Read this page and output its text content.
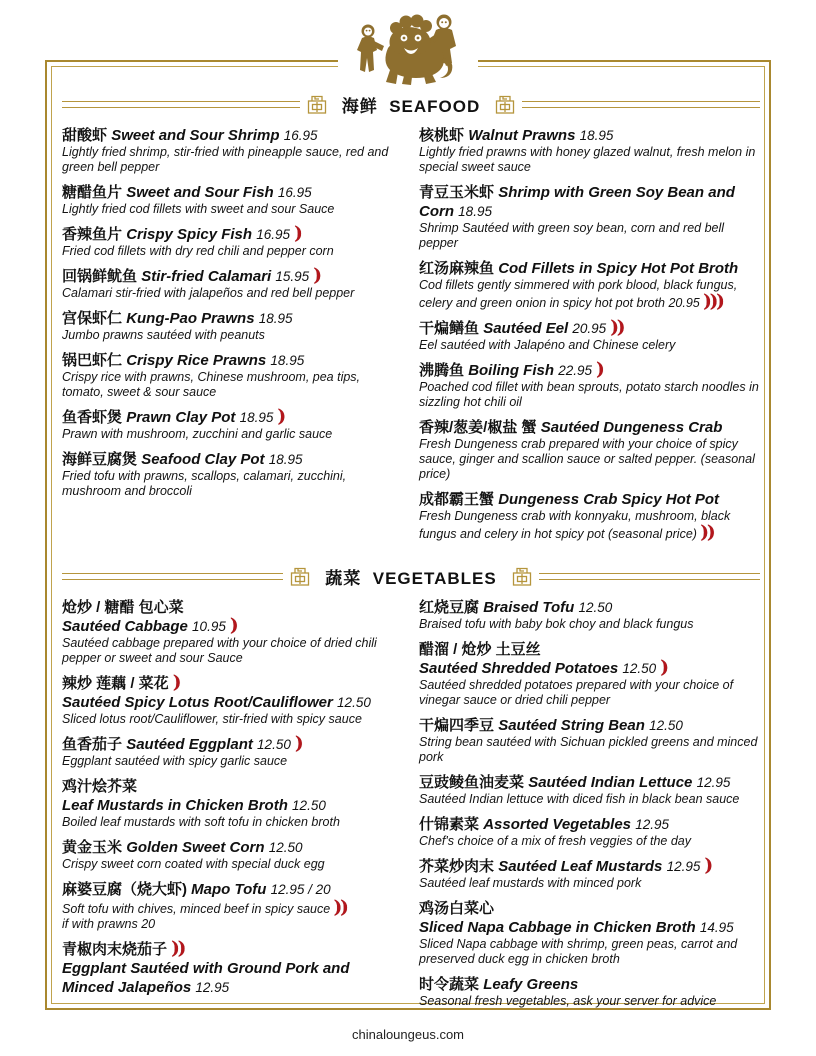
海鲜  SEAFOOD
甜酸虾 Sweet and Sour Shrimp 16.95
Lightly fried shrimp, stir-fried with pineapple sauce, red and green bell pepper
糖醋鱼片 Sweet and Sour Fish 16.95
Lightly fried cod fillets with sweet and sour Sauce
香辣鱼片 Crispy Spicy Fish 16.95 )
Fried cod fillets with dry red chili and pepper corn
回锅鲜鱿鱼 Stir-fried Calamari 15.95 )
Calamari stir-fried with jalapeños and red bell pepper
宫保虾仁 Kung-Pao Prawns 18.95
Jumbo prawns sautéed with peanuts
锅巴虾仁 Crispy Rice Prawns 18.95
Crispy rice with prawns, Chinese mushroom, pea tips, tomato, sweet & sour sauce
鱼香虾煲 Prawn Clay Pot 18.95 )
Prawn with mushroom, zucchini and garlic sauce
海鲜豆腐煲 Seafood Clay Pot 18.95
Fried tofu with prawns, scallops, calamari, zucchini, mushroom and broccoli
核桃虾 Walnut Prawns 18.95
Lightly fried prawns with honey glazed walnut, fresh melon in special sweet sauce
青豆玉米虾 Shrimp with Green Soy Bean and Corn 18.95
Shrimp Sautéed with green soy bean, corn and red bell pepper
红汤麻辣鱼 Cod Fillets in Spicy Hot Pot Broth
Cod fillets gently simmered with pork blood, black fungus, celery and green onion in spicy hot pot broth 20.95 )))
干煸鳝鱼 Sautéed Eel 20.95 ))
Eel sautéed with Jalapéno and Chinese celery
沸腾鱼 Boiling Fish 22.95 )
Poached cod fillet with bean sprouts, potato starch noodles in sizzling hot chili oil
香辣/葱姜/椒盐 蟹 Sautéed Dungeness Crab
Fresh Dungeness crab prepared with your choice of spicy sauce, ginger and scallion sauce or salted pepper. (seasonal price)
成都霸王蟹 Dungeness Crab Spicy Hot Pot
Fresh Dungeness crab with konnyaku, mushroom, black fungus and celery in hot spicy pot (seasonal price) ))
蔬菜  VEGETABLES
炝炒 / 糖醋 包心菜
Sautéed Cabbage 10.95 )
Sautéed cabbage prepared with your choice of dried chili pepper or sweet and sour Sauce
辣炒 莲藕 / 菜花 )
Sautéed Spicy Lotus Root/Cauliflower 12.50
Sliced lotus root/Cauliflower, stir-fried with spicy sauce
鱼香茄子 Sautéed Eggplant 12.50 )
Eggplant sautéed with spicy garlic sauce
鸡汁烩芥菜
Leaf Mustards in Chicken Broth 12.50
Boiled leaf mustards with soft tofu in chicken broth
黄金玉米 Golden Sweet Corn 12.50
Crispy sweet corn coated with special duck egg
麻婆豆腐（烧大虾) Mapo Tofu 12.95 / 20
Soft tofu with chives, minced beef in spicy sauce ))
if with prawns 20
青椒肉末烧茄子 ))
Eggplant Sautéed with Ground Pork and Minced Jalapeños 12.95
红烧豆腐 Braised Tofu 12.50
Braised tofu with baby bok choy and black fungus
醋溜 / 炝炒 土豆丝
Sautéed Shredded Potatoes 12.50 )
Sautéed shredded potatoes prepared with your choice of vinegar sauce or dried chili pepper
干煸四季豆 Sautéed String Bean 12.50
String bean sautéed with Sichuan pickled greens and minced pork
豆豉鲮鱼油麦菜 Sautéed Indian Lettuce 12.95
Sautéed Indian lettuce with diced fish in black bean sauce
什锦素菜 Assorted Vegetables 12.95
Chef's choice of a mix of fresh veggies of the day
芥菜炒肉末 Sautéed Leaf Mustards 12.95 )
Sautéed leaf mustards with minced pork
鸡汤白菜心
Sliced Napa Cabbage in Chicken Broth 14.95
Sliced Napa cabbage with shrimp, green peas, carrot and preserved duck egg in chicken broth
时令蔬菜 Leafy Greens
Seasonal fresh vegetables, ask your server for advice
chinaloungeus.com
